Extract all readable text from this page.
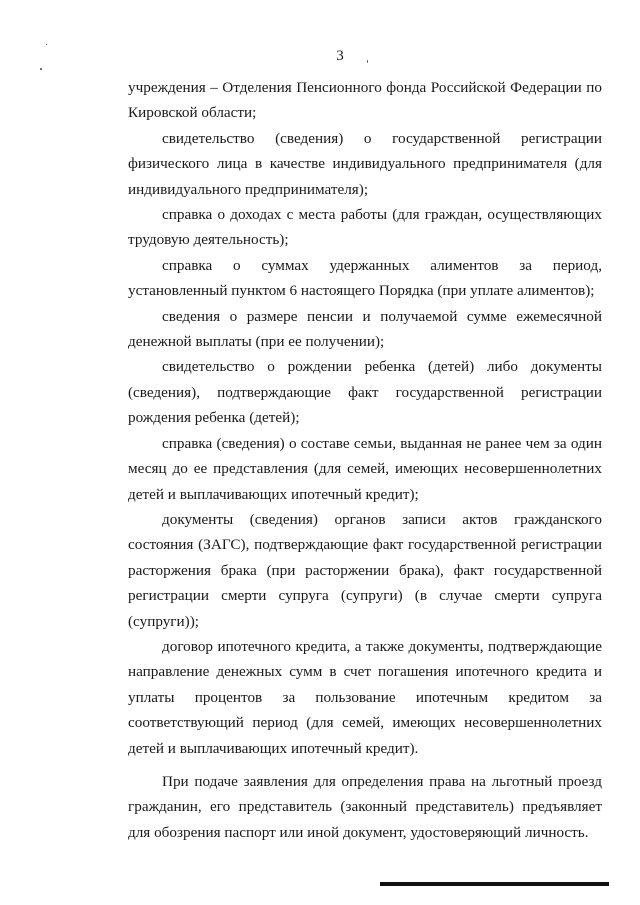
3

учреждения – Отделения Пенсионного фонда Российской Федерации по Кировской области;

свидетельство (сведения) о государственной регистрации физического лица в качестве индивидуального предпринимателя (для индивидуального предпринимателя);

справка о доходах с места работы (для граждан, осуществляющих трудовую деятельность);

справка о суммах удержанных алиментов за период, установленный пунктом 6 настоящего Порядка (при уплате алиментов);

сведения о размере пенсии и получаемой сумме ежемесячной денежной выплаты (при ее получении);

свидетельство о рождении ребенка (детей) либо документы (сведения), подтверждающие факт государственной регистрации рождения ребенка (детей);

справка (сведения) о составе семьи, выданная не ранее чем за один месяц до ее представления (для семей, имеющих несовершеннолетних детей и выплачивающих ипотечный кредит);

документы (сведения) органов записи актов гражданского состояния (ЗАГС), подтверждающие факт государственной регистрации расторжения брака (при расторжении брака), факт государственной регистрации смерти супруга (супруги) (в случае смерти супруга (супруги));

договор ипотечного кредита, а также документы, подтверждающие направление денежных сумм в счет погашения ипотечного кредита и уплаты процентов за пользование ипотечным кредитом за соответствующий период (для семей, имеющих несовершеннолетних детей и выплачивающих ипотечный кредит).

При подаче заявления для определения права на льготный проезд гражданин, его представитель (законный представитель) предъявляет для обозрения паспорт или иной документ, удостоверяющий личность.
